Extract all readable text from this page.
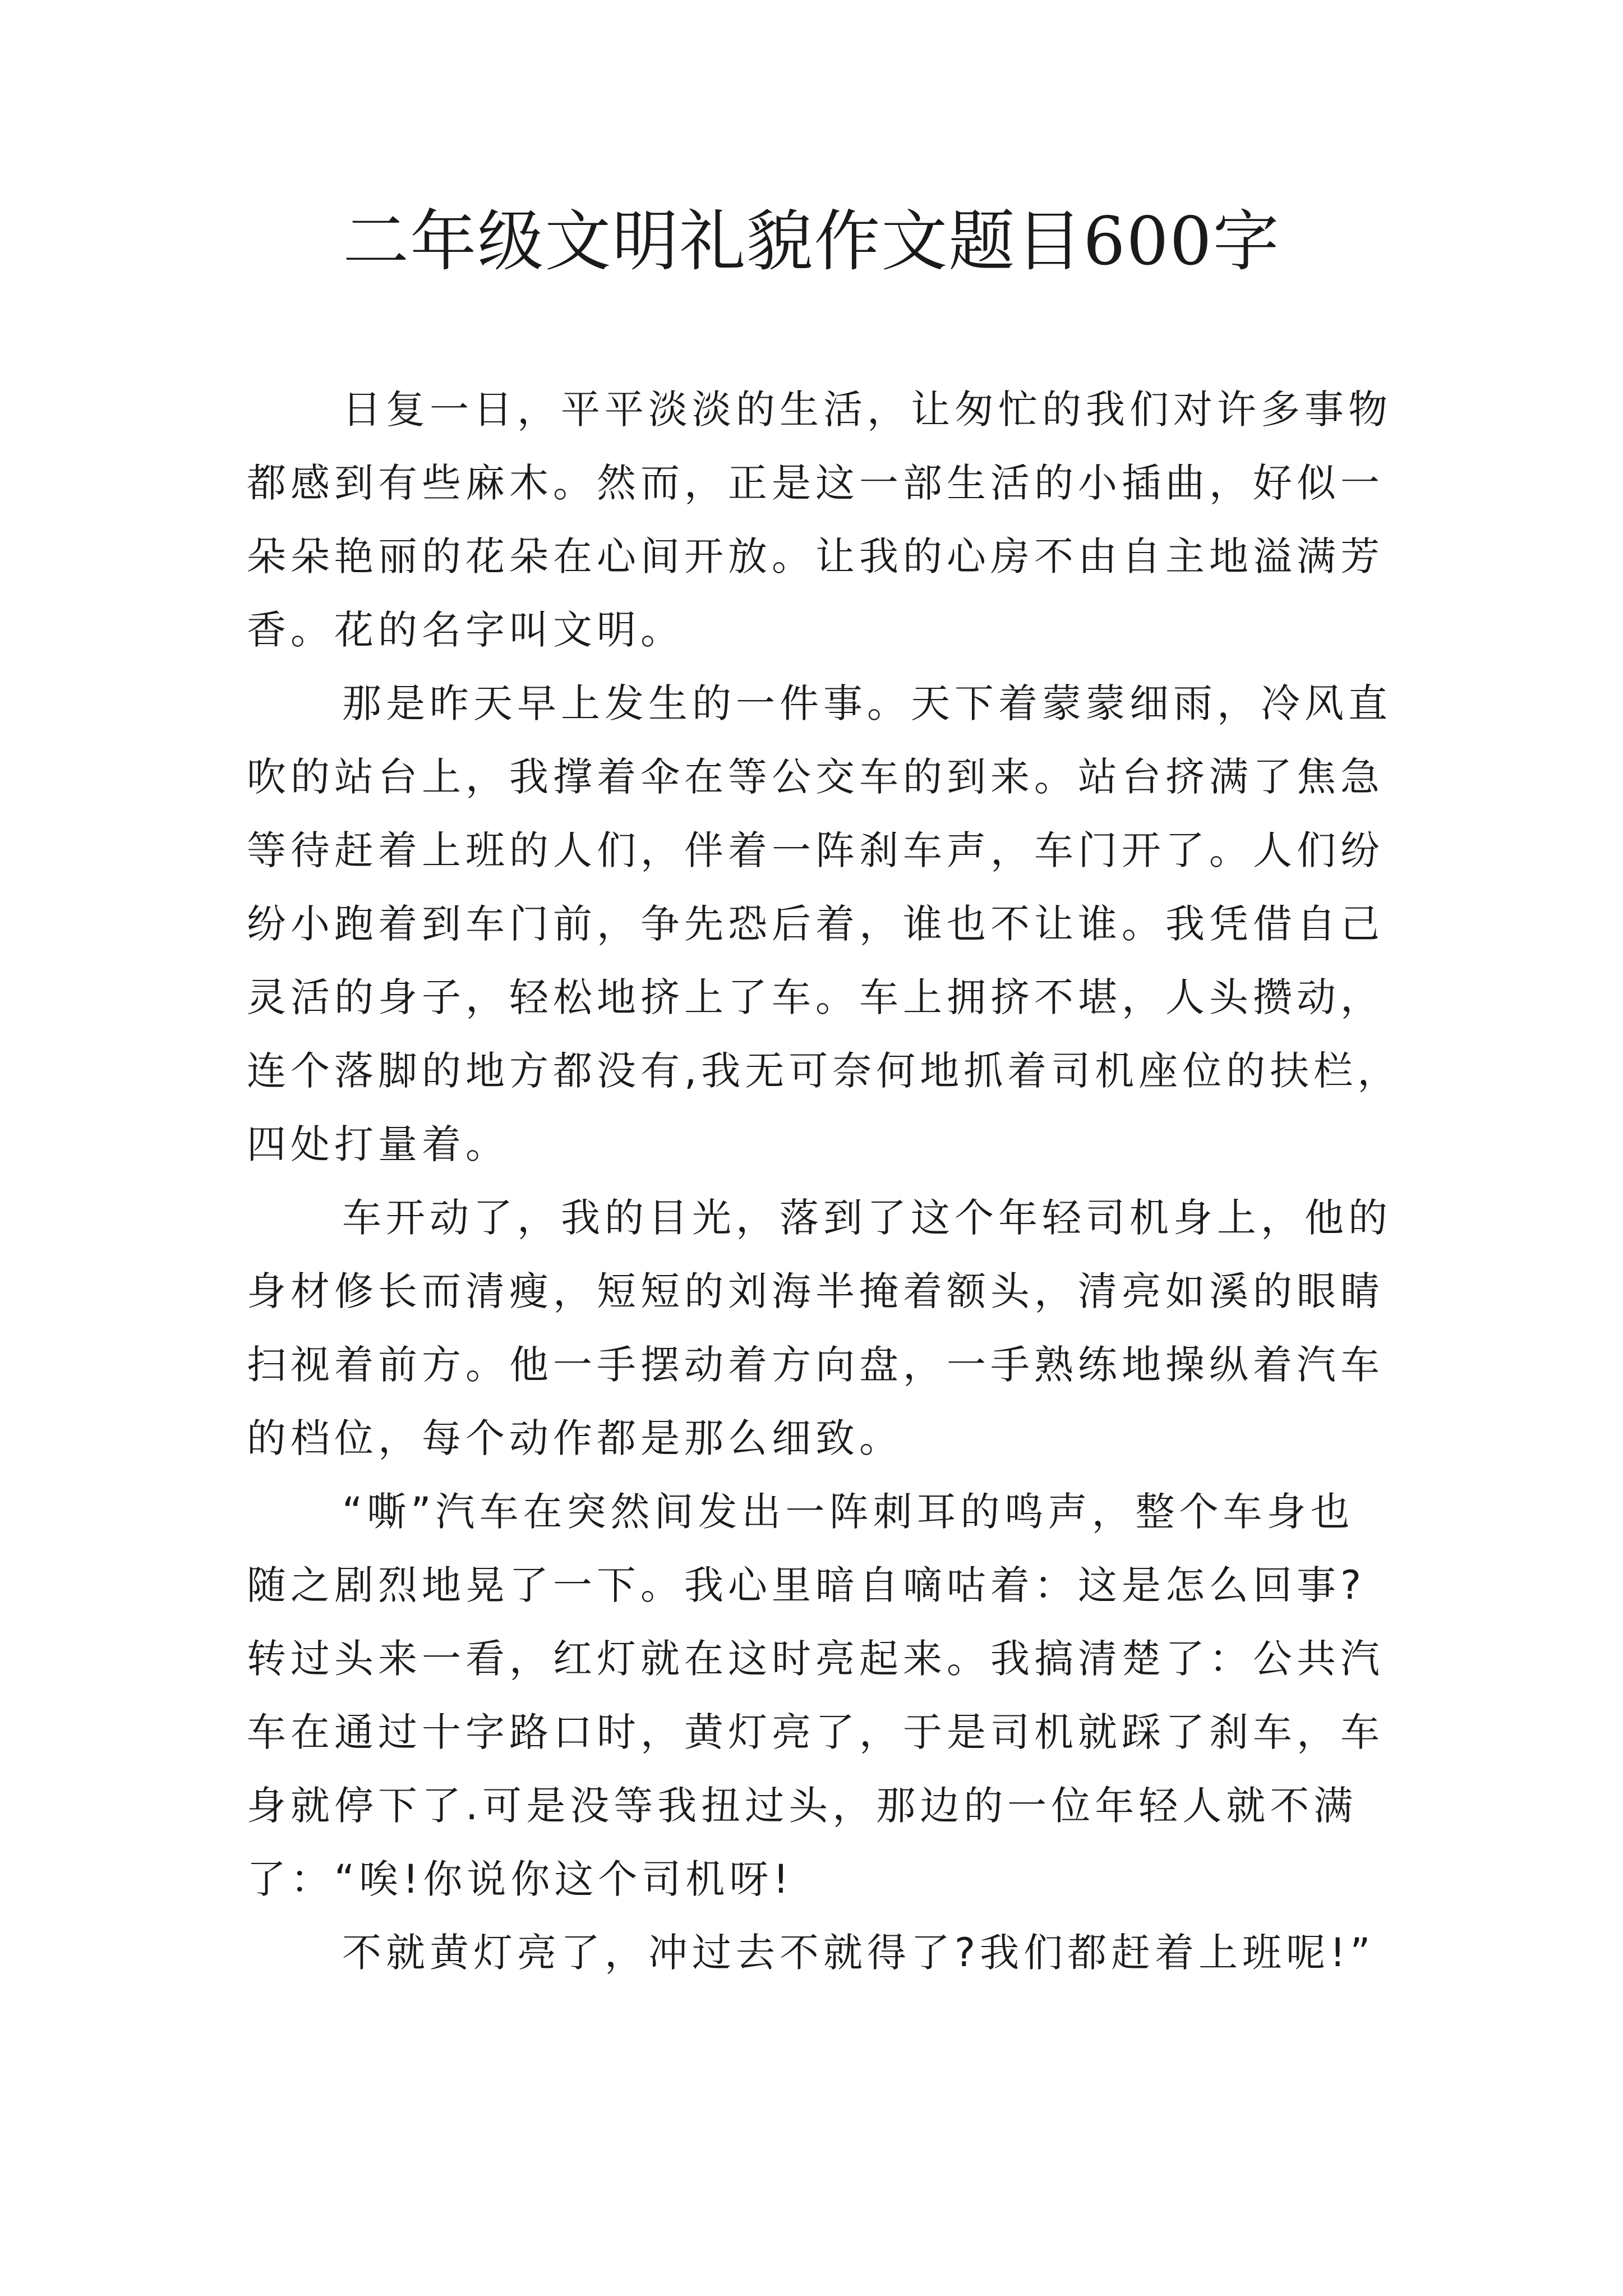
二年级文明礼貌作文题目600字
日复一日，平平淡淡的生活，让匆忙的我们对许多事物
都感到有些麻木。然而，正是这一部生活的小插曲，好似一
朵朵艳丽的花朵在心间开放。让我的心房不由自主地溢满芳
香。花的名字叫文明。
那是昨天早上发生的一件事。天下着蒙蒙细雨，冷风直
吹的站台上，我撑着伞在等公交车的到来。站台挤满了焦急
等待赶着上班的人们，伴着一阵刹车声，车门开了。人们纷
纷小跑着到车门前，争先恐后着，谁也不让谁。我凭借自己
灵活的身子，轻松地挤上了车。车上拥挤不堪，人头攒动，
连个落脚的地方都没有,我无可奈何地抓着司机座位的扶栏，
四处打量着。
车开动了，我的目光，落到了这个年轻司机身上，他的
身材修长而清瘦，短短的刘海半掩着额头，清亮如溪的眼睛
扫视着前方。他一手摆动着方向盘，一手熟练地操纵着汽车
的档位，每个动作都是那么细致。
“嘶”汽车在突然间发出一阵刺耳的鸣声，整个车身也
随之剧烈地晃了一下。我心里暗自嘀咕着：这是怎么回事?
转过头来一看，红灯就在这时亮起来。我搞清楚了：公共汽
车在通过十字路口时，黄灯亮了，于是司机就踩了刹车，车
身就停下了.可是没等我扭过头，那边的一位年轻人就不满
了：“唉!你说你这个司机呀!
不就黄灯亮了，冲过去不就得了?我们都赶着上班呢!”
